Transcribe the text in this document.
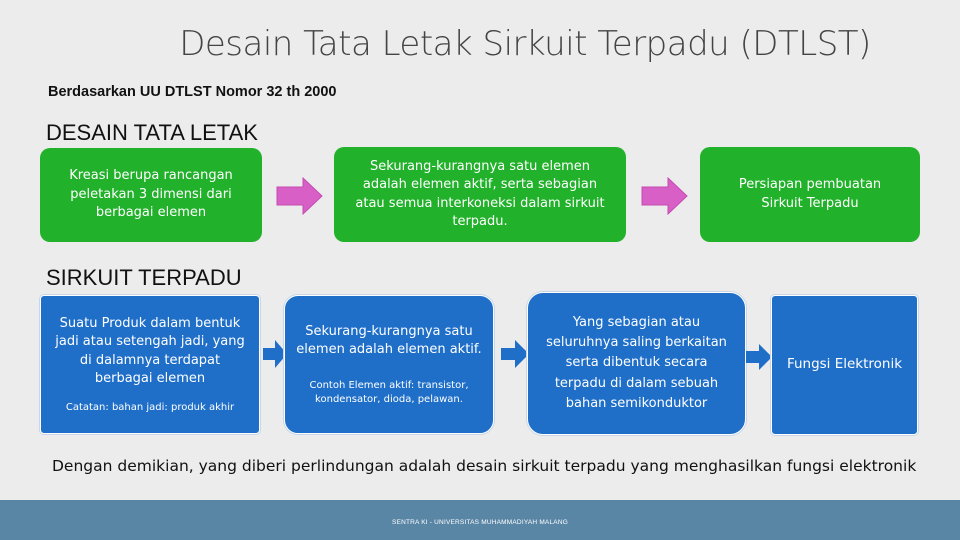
Desain Tata Letak Sirkuit Terpadu (DTLST)
Berdasarkan UU DTLST Nomor 32 th 2000
DESAIN TATA LETAK
Kreasi berupa rancangan peletakan 3 dimensi dari berbagai elemen
Sekurang-kurangnya satu elemen adalah elemen aktif, serta sebagian atau semua interkoneksi dalam sirkuit terpadu.
Persiapan pembuatan Sirkuit Terpadu
SIRKUIT TERPADU
Suatu Produk dalam bentuk jadi atau setengah jadi, yang di dalamnya terdapat berbagai elemen
Catatan: bahan jadi: produk akhir
Sekurang-kurangnya satu elemen adalah elemen aktif.
Contoh Elemen aktif: transistor, kondensator, dioda, pelawan.
Yang sebagian atau seluruhnya saling berkaitan serta dibentuk secara terpadu di dalam sebuah bahan semikonduktor
Fungsi Elektronik
Dengan demikian, yang diberi perlindungan adalah desain sirkuit terpadu yang menghasilkan fungsi elektronik
SENTRA KI - UNIVERSITAS MUHAMMADIYAH MALANG
